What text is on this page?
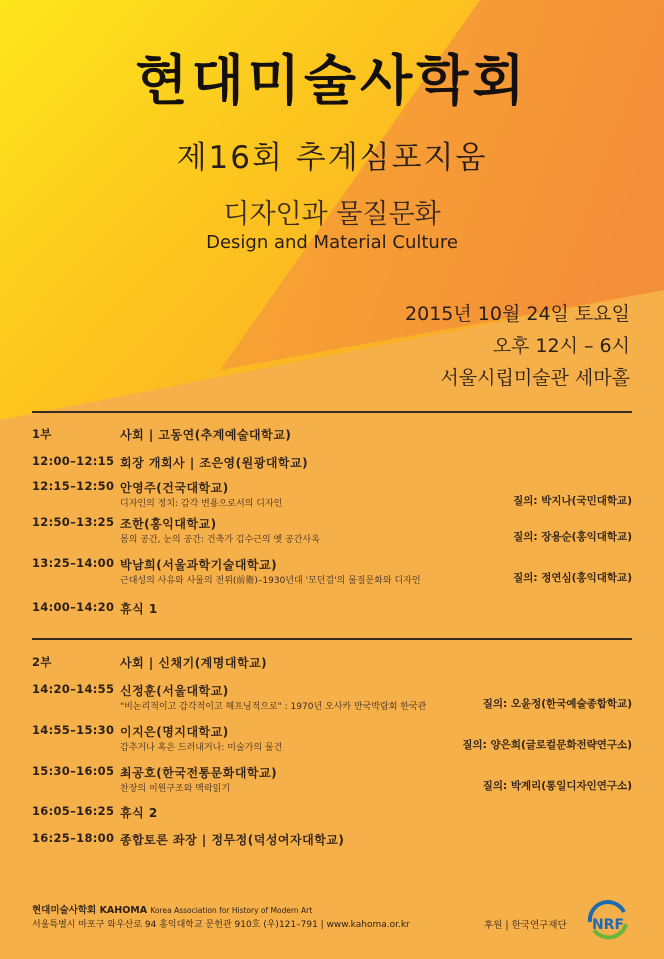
현대미술사학회
제16회 추계심포지움
디자인과 물질문화
Design and Material Culture
2015년 10월 24일 토요일
오후 12시 – 6시
서울시립미술관 세마홀
1부	사회 | 고동연(추계예술대학교)
12:00–12:15 회장 개회사 | 조은영(원광대학교)
12:15–12:50 안영주(건국대학교)
디자인의 정치: 감각 변용으로서의 디자인	질의: 박지나(국민대학교)
12:50–13:25 조한(홍익대학교)
몸의 공간, 눈의 공간: 건축가 김수근의 옛 공간사옥	질의: 장용순(홍익대학교)
13:25–14:00 박남희(서울과학기술대학교)
근대성의 사유와 사물의 전위(前衛)–1930년대 '모던걸'의 물질문화와 디자인	질의: 정연심(홍익대학교)
14:00–14:20 휴식 1
2부	사회 | 신채기(계명대학교)
14:20–14:55 신정훈(서울대학교)
"비논리적이고 감각적이고 해프닝적으로" : 1970년 오사카 만국박람회 한국관	질의: 오윤정(한국예술종합학교)
14:55–15:30 이지은(명지대학교)
감추거나 혹은 드러내거나: 미술가의 물건	질의: 양은희(글로컬문화전략연구소)
15:30–16:05 최공호(한국전통문화대학교)
찬장의 이원구조와 맥락읽기	질의: 박계리(통일디자인연구소)
16:05–16:25 휴식 2
16:25–18:00 종합토론 좌장 | 정무정(덕성여자대학교)
현대미술사학회 KAHOMA Korea Association for History of Modern Art
서울특별시 마포구 와우산로 94 홍익대학교 문헌관 910호 (우)121–791 | www.kahoma.or.kr	후원 | 한국연구재단 NRF
